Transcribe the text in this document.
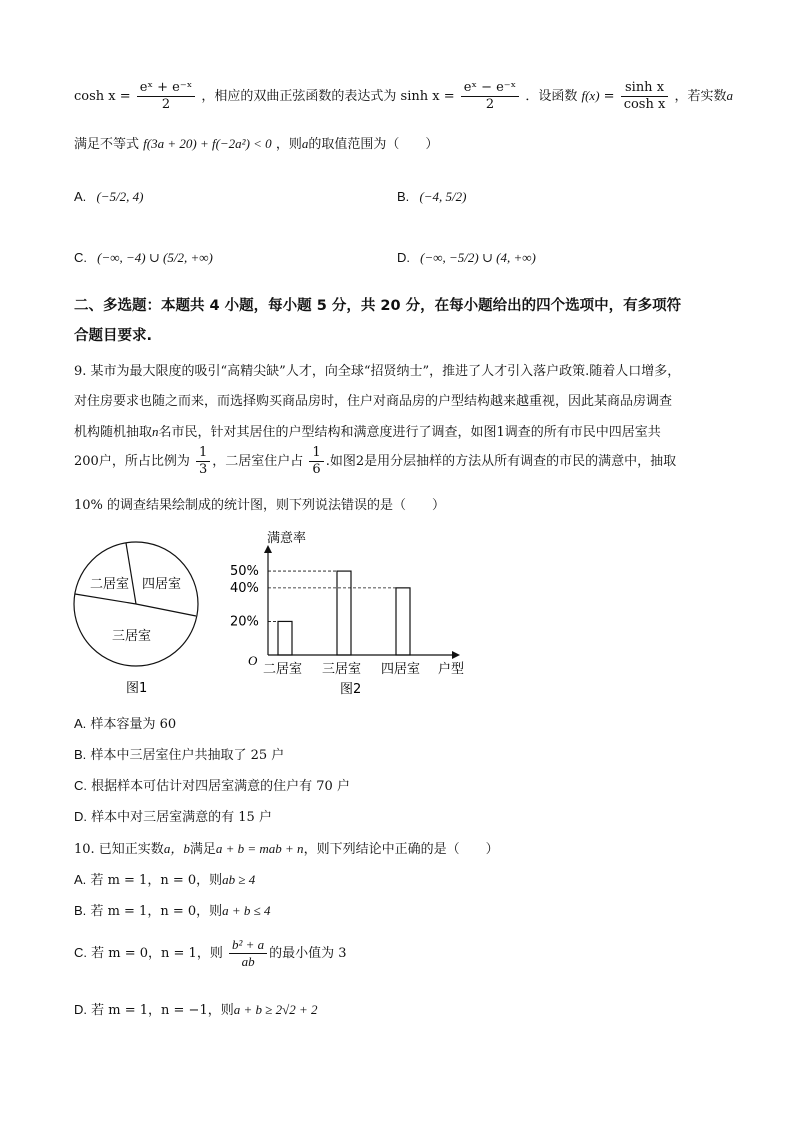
$\cosh x = \frac{\text{eˣ + e⁻ˣ}}{2}$ ，相应的双曲正弦函数的表达式为 $\sinh x = \frac{\text{eˣ − e⁻ˣ}}{2}$ ．设函数 $f(x) = \frac{\text{sinh x}}{\text{cosh x}}$ ，若实数a
满足不等式 f(3a + 20) + f(−2a²) < 0 ，则a的取值范围为（　　）
A. (−5/2, 4)	B. (−4, 5/2)
C. (−∞, −4) ∪ (5/2, +∞)	D. (−∞, −5/2) ∪ (4, +∞)
二、多选题：本题共 4 小题，每小题 5 分，共 20 分，在每小题给出的四个选项中，有多项符
合题目要求.
9. 某市为最大限度的吸引“高精尖缺”人才，向全球“招贤纳士”，推进了人才引入落户政策.随着人口增多，
对住房要求也随之而来，而选择购买商品房时，住户对商品房的户型结构越来越重视，因此某商品房调查
机构随机抽取n名市民，针对其居住的户型结构和满意度进行了调查，如图1调查的所有市民中四居室共
200户，所占比例为 $\frac{1}{3}$ ，二居室住户占 $\frac{1}{6}$ .如图2是用分层抽样的方法从所有调查的市民的满意中，抽取
10% 的调查结果绘制成的统计图，则下列说法错误的是（　　）
二居室 四居室
三居室
图1
满意率
O
户型
二居室 三居室 四居室
20%
40%
50%
图2
A. 样本容量为 60
B. 样本中三居室住户共抽取了 25 户
C. 根据样本可估计对四居室满意的住户有 70 户
D. 样本中对三居室满意的有 15 户
10. 已知正实数a，b满足a + b = mab + n，则下列结论中正确的是（　　）
A. 若 m = 1，n = 0，则ab ≥ 4
B. 若 m = 1，n = 0，则a + b ≤ 4
C. 若 m = 0，n = 1，则 $\frac{\text{b² + a}}{ab}$ 的最小值为 3
D. 若 m = 1，n = −1，则a + b ≥ 2√2 + 2
